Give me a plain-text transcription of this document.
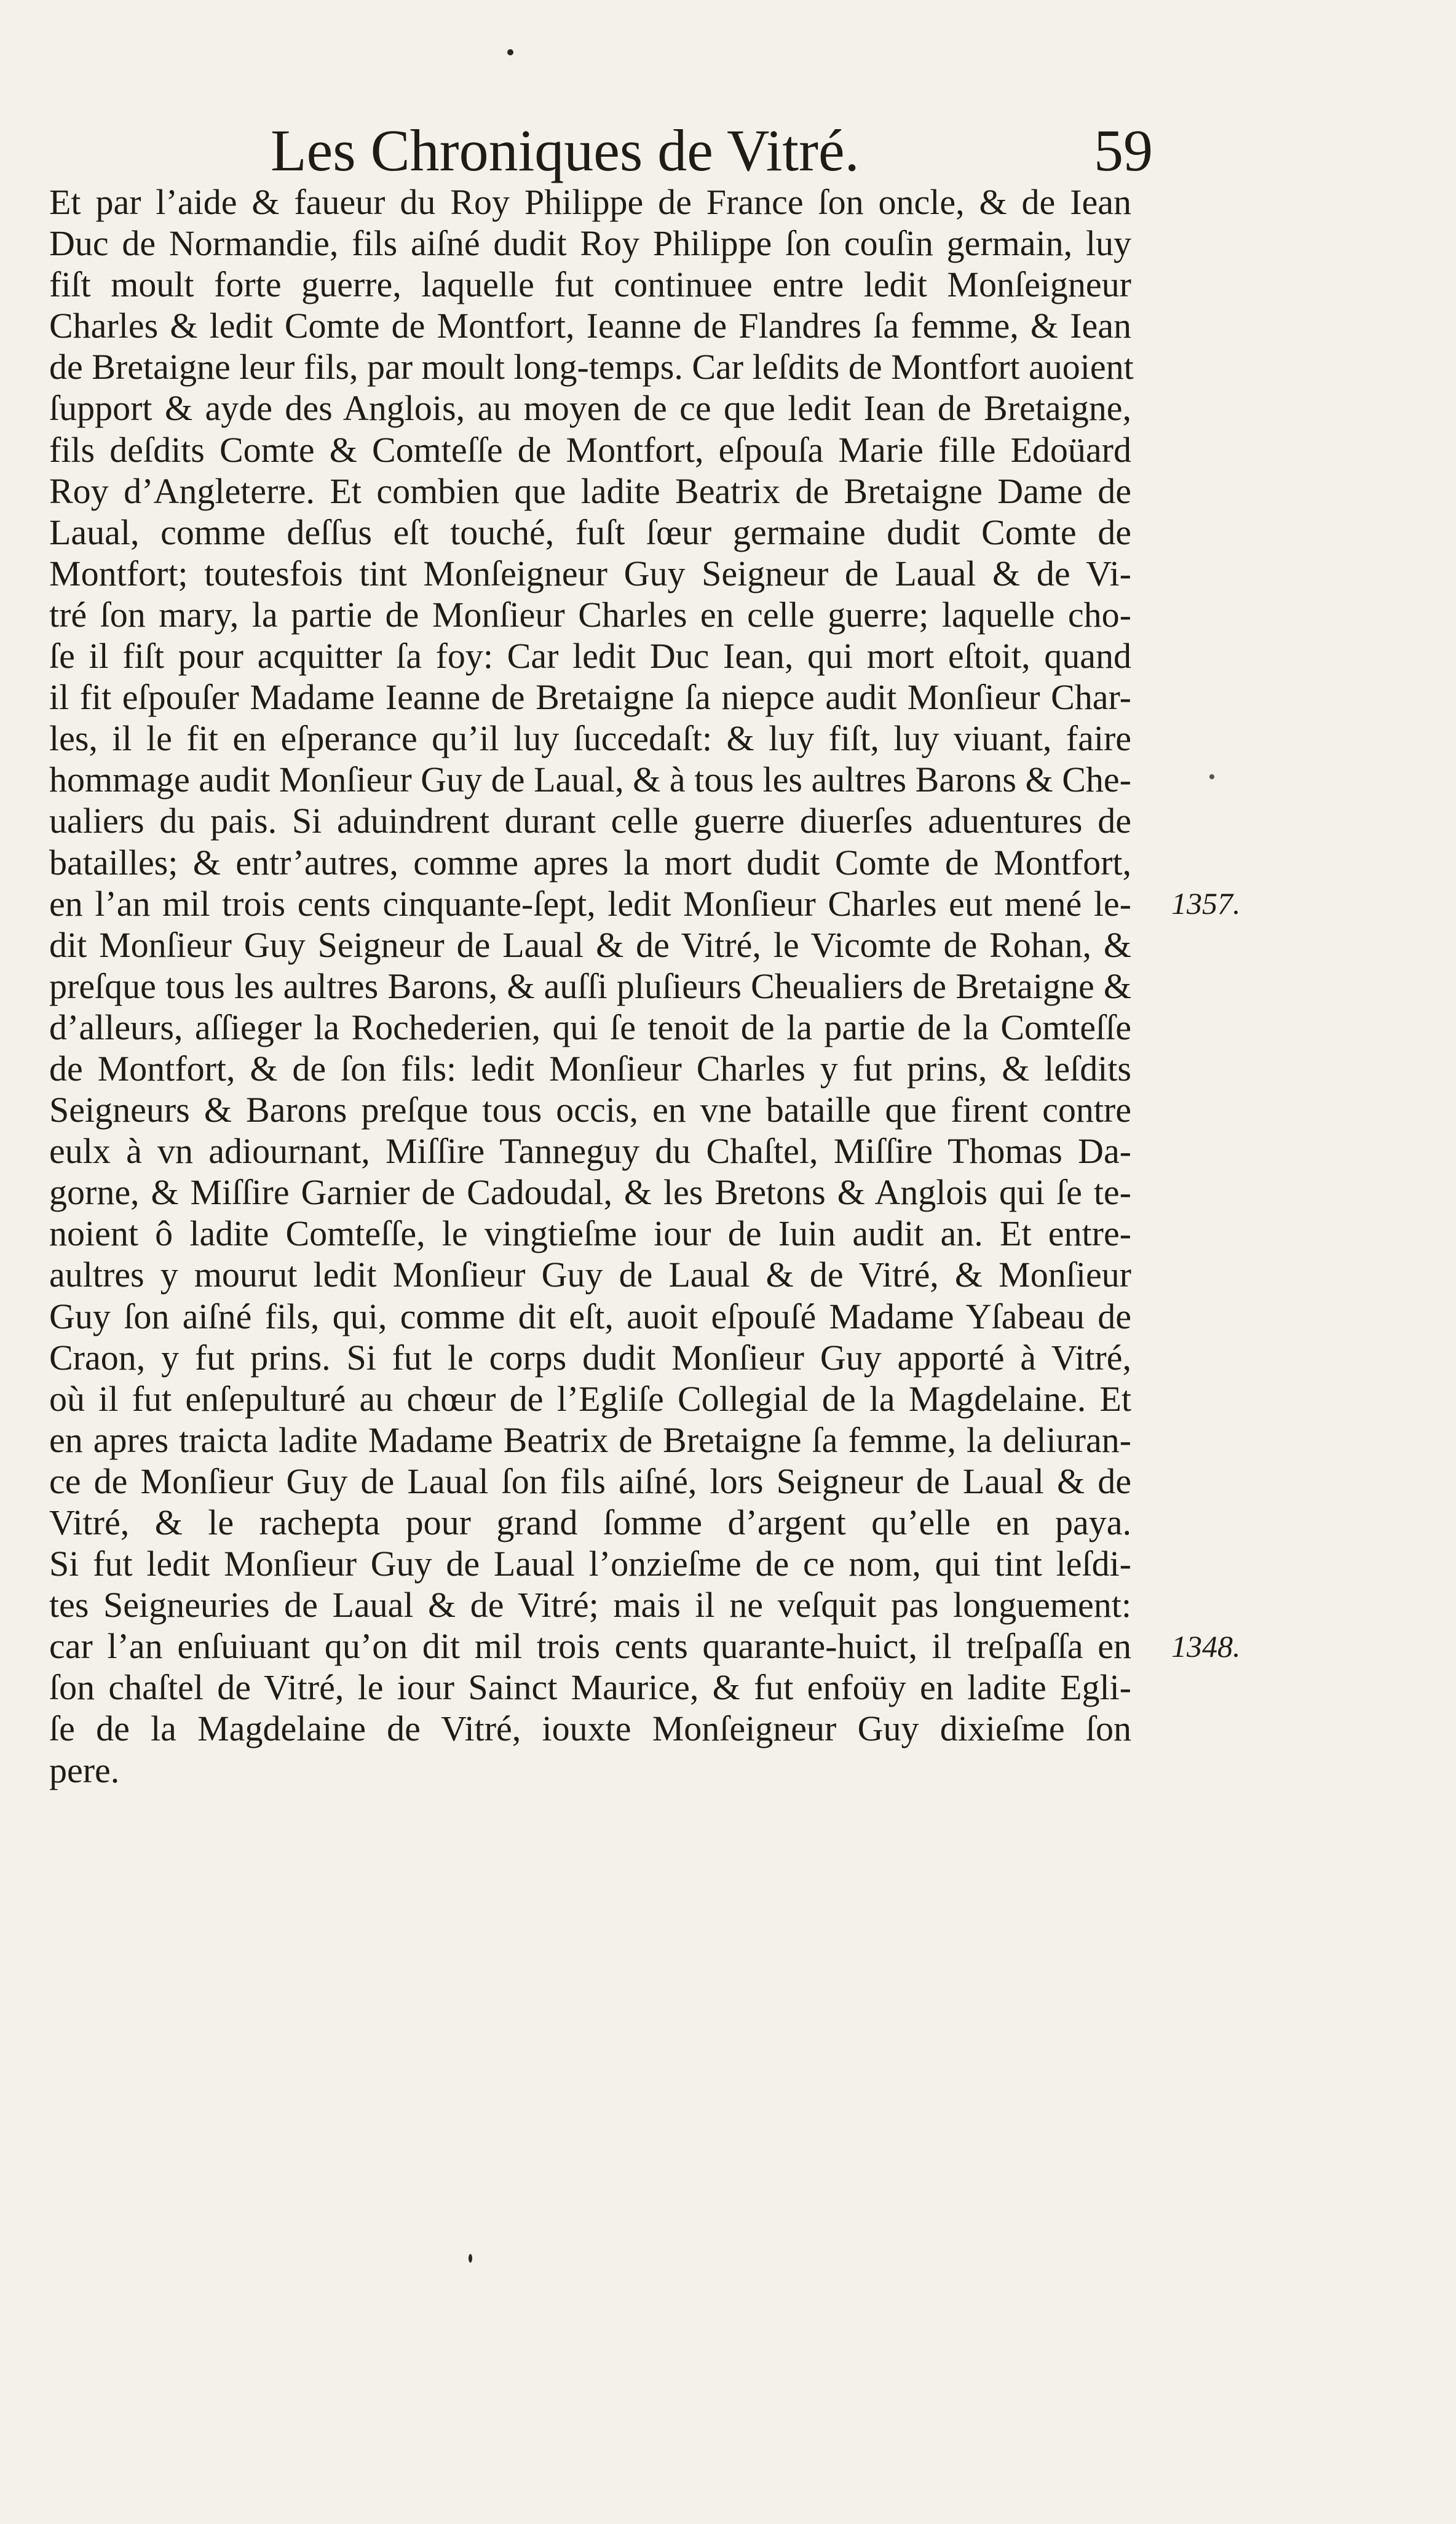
Les Chroniques de Vitré.	59
Et par l’aide & faueur du Roy Philippe de France ſon oncle, & de Iean
Duc de Normandie, fils aiſné dudit Roy Philippe ſon couſin germain, luy
fiſt moult forte guerre, laquelle fut continuee entre ledit Monſeigneur
Charles & ledit Comte de Montfort, Ieanne de Flandres ſa femme, & Iean
de Bretaigne leur fils, par moult long-temps. Car leſdits de Montfort auoient
ſupport & ayde des Anglois, au moyen de ce que ledit Iean de Bretaigne,
fils deſdits Comte & Comteſſe de Montfort, eſpouſa Marie fille Edoüard
Roy d’Angleterre. Et combien que ladite Beatrix de Bretaigne Dame de
Laual, comme deſſus eſt touché, fuſt ſœur germaine dudit Comte de
Montfort; toutesfois tint Monſeigneur Guy Seigneur de Laual & de Vi-
tré ſon mary, la partie de Monſieur Charles en celle guerre; laquelle cho-
ſe il fiſt pour acquitter ſa foy: Car ledit Duc Iean, qui mort eſtoit, quand
il fit eſpouſer Madame Ieanne de Bretaigne ſa niepce audit Monſieur Char-
les, il le fit en eſperance qu’il luy ſuccedaſt: & luy fiſt, luy viuant, faire
hommage audit Monſieur Guy de Laual, & à tous les aultres Barons & Che-
ualiers du pais. Si aduindrent durant celle guerre diuerſes aduentures de
batailles; & entr’autres, comme apres la mort dudit Comte de Montfort,
en l’an mil trois cents cinquante-ſept, ledit Monſieur Charles eut mené le-
dit Monſieur Guy Seigneur de Laual & de Vitré, le Vicomte de Rohan, &
preſque tous les aultres Barons, & auſſi pluſieurs Cheualiers de Bretaigne &
d’alleurs, aſſieger la Rochederien, qui ſe tenoit de la partie de la Comteſſe
de Montfort, & de ſon fils: ledit Monſieur Charles y fut prins, & leſdits
Seigneurs & Barons preſque tous occis, en vne bataille que firent contre
eulx à vn adiournant, Miſſire Tanneguy du Chaſtel, Miſſire Thomas Da-
gorne, & Miſſire Garnier de Cadoudal, & les Bretons & Anglois qui ſe te-
noient ô ladite Comteſſe, le vingtieſme iour de Iuin audit an. Et entre-
aultres y mourut ledit Monſieur Guy de Laual & de Vitré, & Monſieur
Guy ſon aiſné fils, qui, comme dit eſt, auoit eſpouſé Madame Yſabeau de
Craon, y fut prins. Si fut le corps dudit Monſieur Guy apporté à Vitré,
où il fut enſepulturé au chœur de l’Egliſe Collegial de la Magdelaine. Et
en apres traicta ladite Madame Beatrix de Bretaigne ſa femme, la deliuran-
ce de Monſieur Guy de Laual ſon fils aiſné, lors Seigneur de Laual & de
Vitré, & le rachepta pour grand ſomme d’argent qu’elle en paya.
Si fut ledit Monſieur Guy de Laual l’onzieſme de ce nom, qui tint leſdi-
tes Seigneuries de Laual & de Vitré; mais il ne veſquit pas longuement:
car l’an enſuiuant qu’on dit mil trois cents quarante-huict, il treſpaſſa en
ſon chaſtel de Vitré, le iour Sainct Maurice, & fut enfoüy en ladite Egli-
ſe de la Magdelaine de Vitré, iouxte Monſeigneur Guy dixieſme ſon
pere.
•
1357.
1348.
